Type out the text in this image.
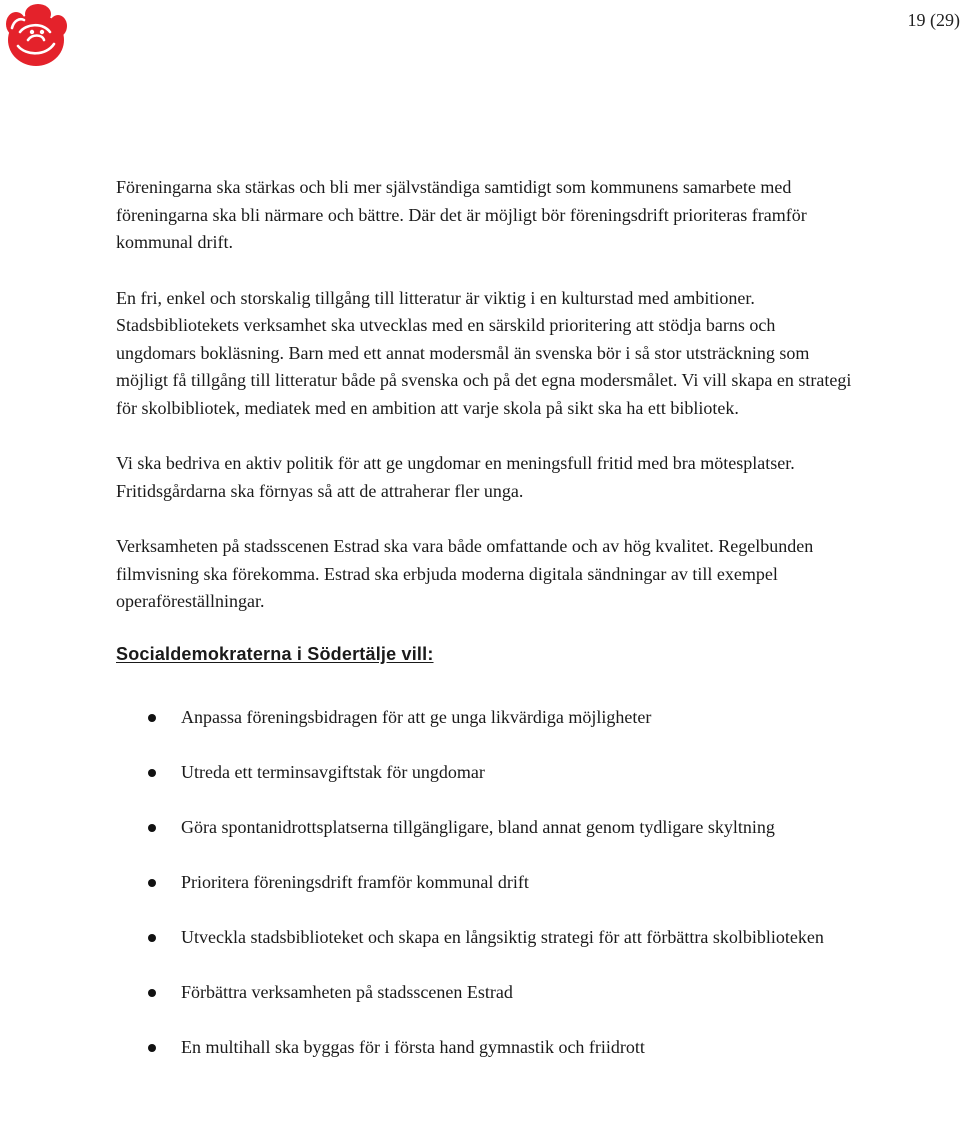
19 (29)

Föreningarna ska stärkas och bli mer självständiga samtidigt som kommunens samarbete med föreningarna ska bli närmare och bättre. Där det är möjligt bör föreningsdrift prioriteras framför kommunal drift.

En fri, enkel och storskalig tillgång till litteratur är viktig i en kulturstad med ambitioner. Stadsbibliotekets verksamhet ska utvecklas med en särskild prioritering att stödja barns och ungdomars bokläsning. Barn med ett annat modersmål än svenska bör i så stor utsträckning som möjligt få tillgång till litteratur både på svenska och på det egna modersmålet. Vi vill skapa en strategi för skolbibliotek, mediatek med en ambition att varje skola på sikt ska ha ett bibliotek.

Vi ska bedriva en aktiv politik för att ge ungdomar en meningsfull fritid med bra mötesplatser. Fritidsgårdarna ska förnyas så att de attraherar fler unga.

Verksamheten på stadsscenen Estrad ska vara både omfattande och av hög kvalitet. Regelbunden filmvisning ska förekomma. Estrad ska erbjuda moderna digitala sändningar av till exempel operaföreställningar.

Socialdemokraterna i Södertälje vill:
Anpassa föreningsbidragen för att ge unga likvärdiga möjligheter
Utreda ett terminsavgiftstak för ungdomar
Göra spontanidrottsplatserna tillgängligare, bland annat genom tydligare skyltning
Prioritera föreningsdrift framför kommunal drift
Utveckla stadsbiblioteket och skapa en långsiktig strategi för att förbättra skolbiblioteken
Förbättra verksamheten på stadsscenen Estrad
En multihall ska byggas för i första hand gymnastik och friidrott
